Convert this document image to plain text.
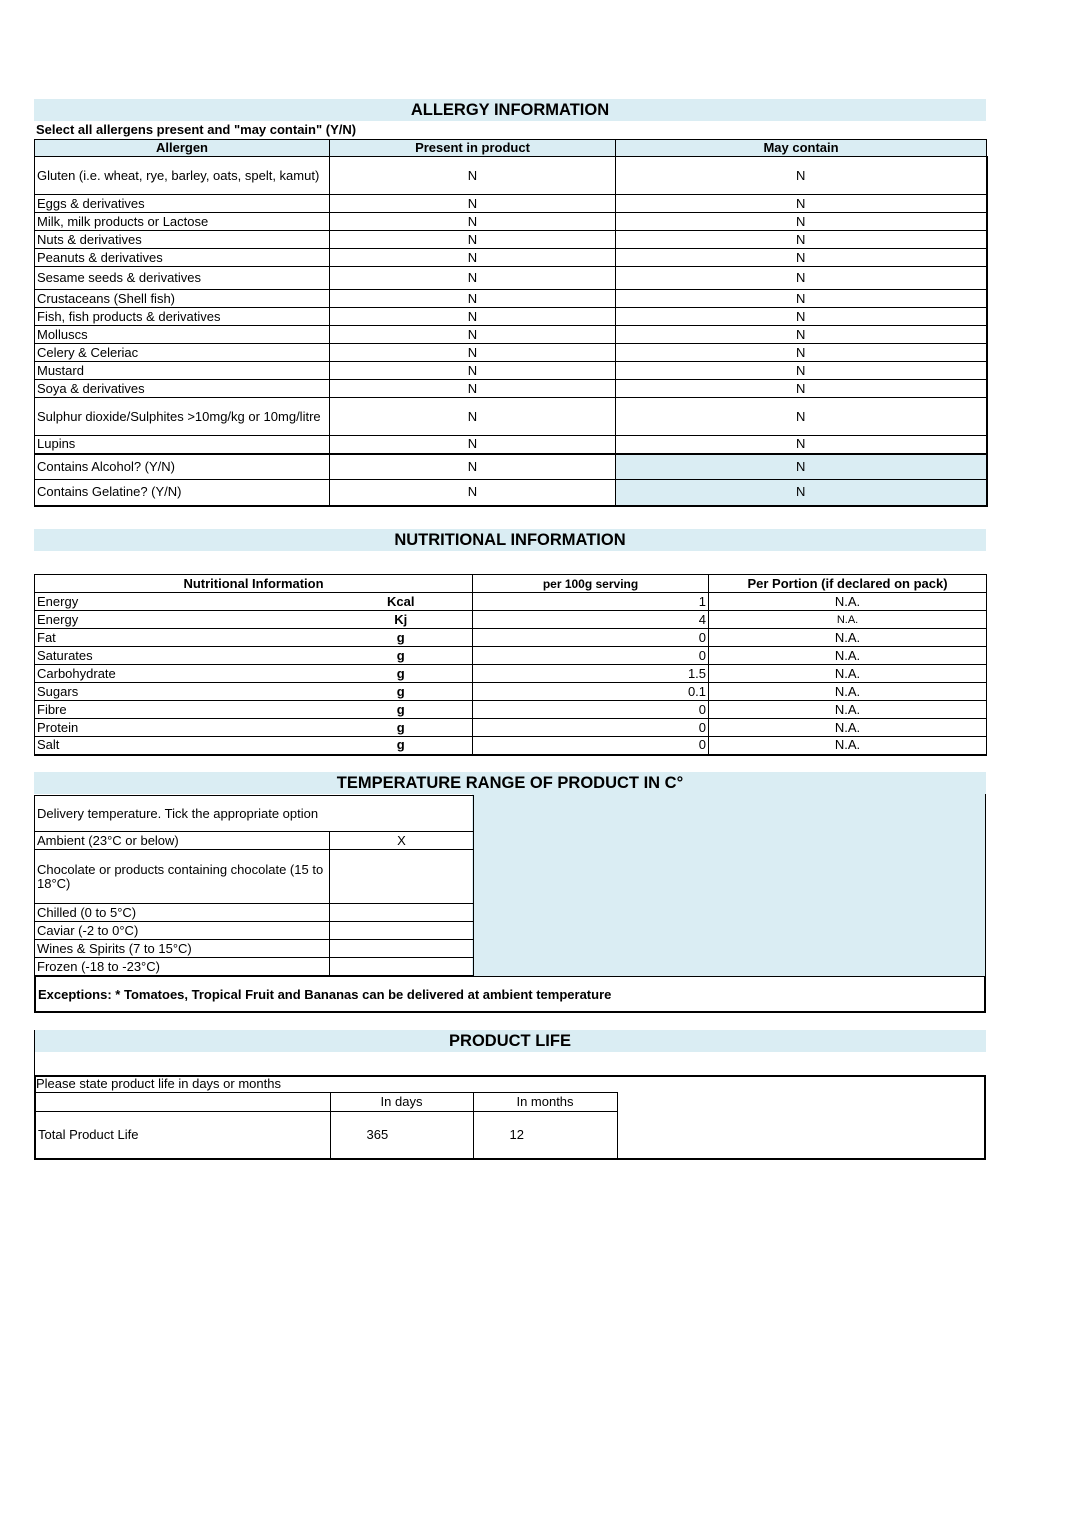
ALLERGY INFORMATION
Select all allergens present and "may contain" (Y/N)
Allergen	Present in product	May contain
Gluten (i.e. wheat, rye, barley, oats, spelt, kamut)	N	N
Eggs & derivatives	N	N
Milk, milk products or Lactose	N	N
Nuts & derivatives	N	N
Peanuts & derivatives	N	N
Sesame seeds & derivatives	N	N
Crustaceans (Shell fish)	N	N
Fish, fish products & derivatives	N	N
Molluscs	N	N
Celery & Celeriac	N	N
Mustard	N	N
Soya & derivatives	N	N
Sulphur dioxide/Sulphites >10mg/kg or 10mg/litre	N	N
Lupins	N	N
Contains Alcohol? (Y/N)	N	N
Contains Gelatine? (Y/N)	N	N
NUTRITIONAL INFORMATION
Nutritional Information		per 100g serving	Per Portion (if declared on pack)
Energy	Kcal	1	N.A.
Energy	Kj	4	N.A.
Fat	g	0	N.A.
Saturates	g	0	N.A.
Carbohydrate	g	1.5	N.A.
Sugars	g	0.1	N.A.
Fibre	g	0	N.A.
Protein	g	0	N.A.
Salt	g	0	N.A.
TEMPERATURE RANGE OF PRODUCT IN C°
Delivery temperature. Tick the appropriate option	
Ambient (23°C or below)	X
Chocolate or products containing chocolate (15 to 18°C)	
Chilled (0 to 5°C)	
Caviar (-2 to 0°C)	
Wines & Spirits (7 to 15°C)	
Frozen (-18 to -23°C)	
Exceptions: * Tomatoes, Tropical Fruit and Bananas can be delivered at ambient temperature
PRODUCT LIFE
Please state product life in days or months
	In days	In months
Total Product Life	365	12
